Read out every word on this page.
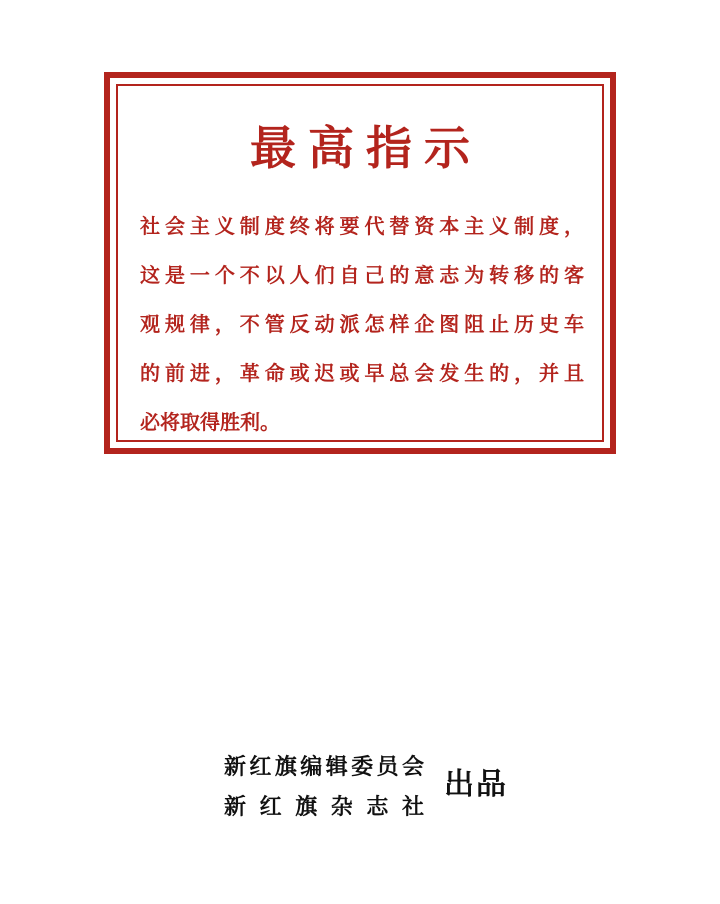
最高指示
社会主义制度终将要代替资本主义制度，
这是一个不以人们自己的意志为转移的客
观规律，不管反动派怎样企图阻止历史车
的前进，革命或迟或早总会发生的，并且
必将取得胜利。
新红旗编辑委员会
新红旗杂志社
出品
